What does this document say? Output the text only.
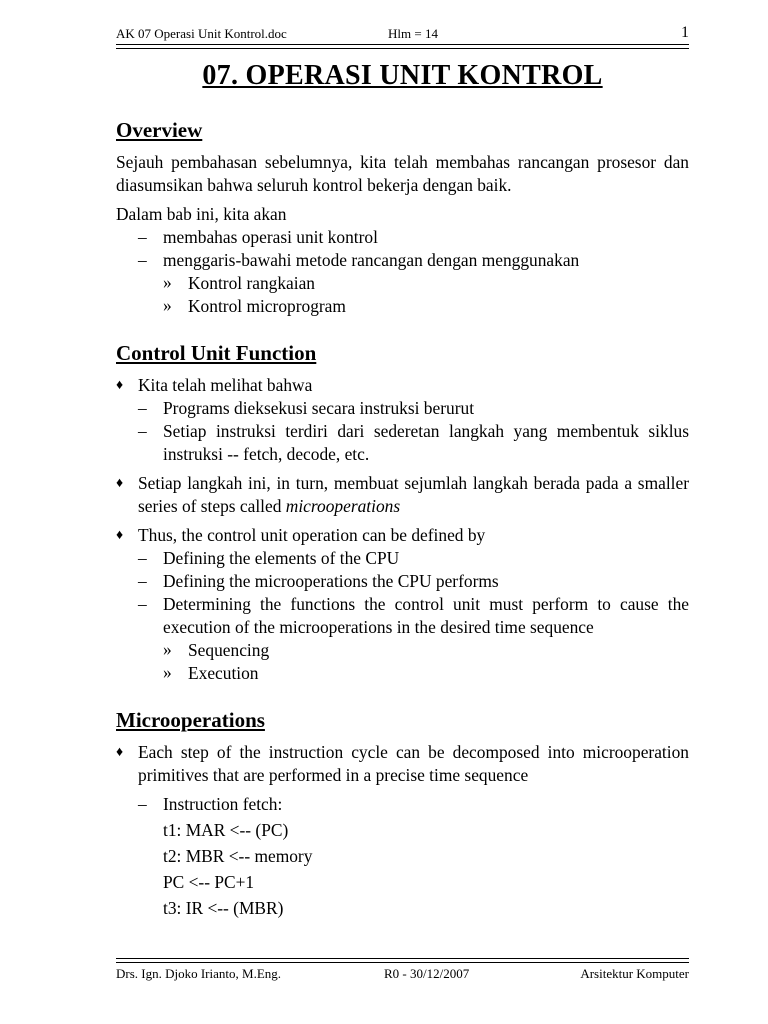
AK 07 Operasi Unit Kontrol.doc	Hlm = 14	1
07. OPERASI UNIT KONTROL
Overview

Sejauh pembahasan sebelumnya, kita telah membahas rancangan prosesor dan diasumsikan bahwa seluruh kontrol bekerja dengan baik.

Dalam bab ini, kita akan
– membahas operasi unit kontrol
– menggaris-bawahi metode rancangan dengan menggunakan
» Kontrol rangkaian
» Kontrol microprogram
Control Unit Function
♦ Kita telah melihat bahwa
– Programs dieksekusi secara instruksi berurut
– Setiap instruksi terdiri dari sederetan langkah yang membentuk siklus instruksi -- fetch, decode, etc.
♦ Setiap langkah ini, in turn, membuat sejumlah langkah berada pada a smaller series of steps called microoperations
♦ Thus, the control unit operation can be defined by
– Defining the elements of the CPU
– Defining the microoperations the CPU performs
– Determining the functions the control unit must perform to cause the execution of the microoperations in the desired time sequence
» Sequencing
» Execution
Microoperations
♦ Each step of the instruction cycle can be decomposed into microoperation primitives that are performed in a precise time sequence
– Instruction fetch:
t1: MAR <-- (PC)
t2: MBR <-- memory
PC <-- PC+1
t3: IR <-- (MBR)
Drs. Ign. Djoko Irianto, M.Eng.	R0 - 30/12/2007	Arsitektur Komputer
